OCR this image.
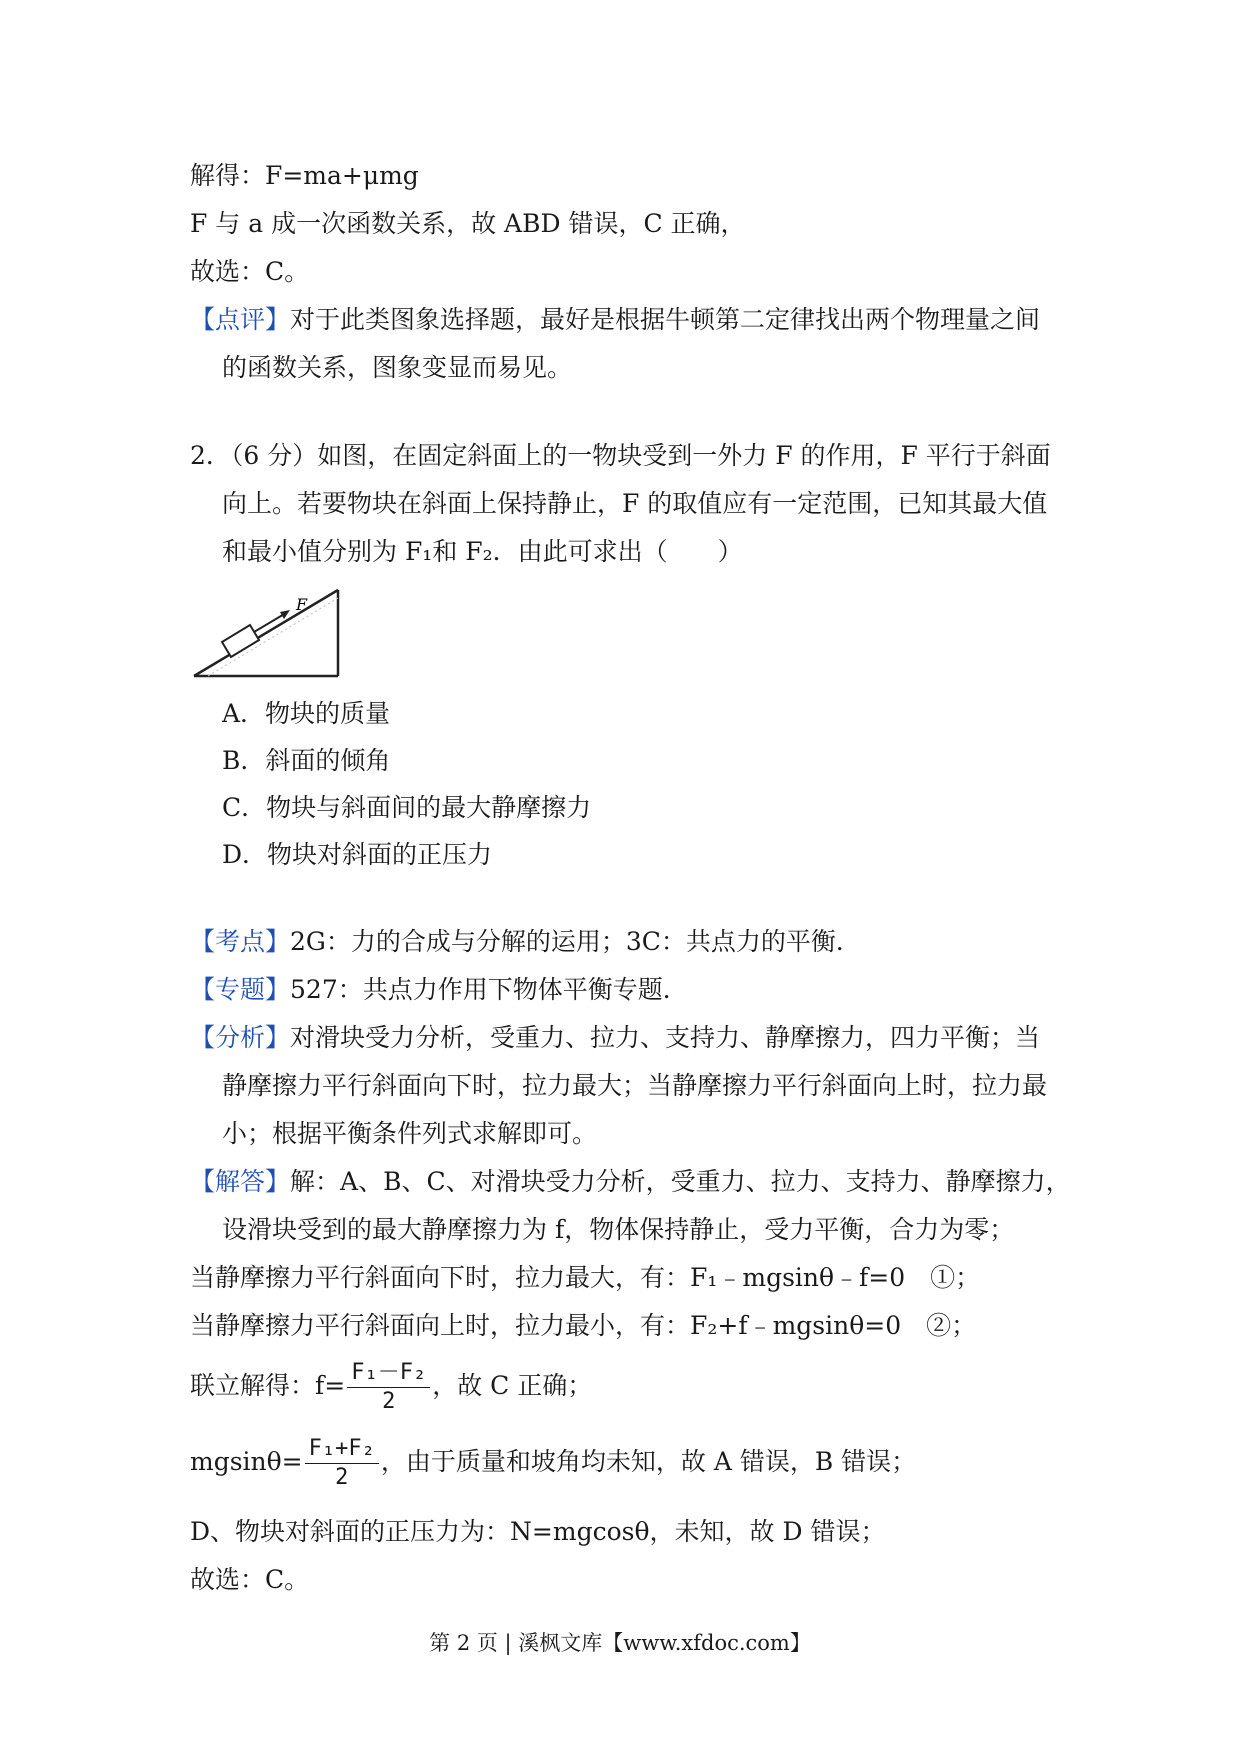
解得：F=ma+μmg
F 与 a 成一次函数关系，故 ABD 错误，C 正确，
故选：C。
【点评】对于此类图象选择题，最好是根据牛顿第二定律找出两个物理量之间
的函数关系，图象变显而易见。
2．（6 分）如图，在固定斜面上的一物块受到一外力 F 的作用，F 平行于斜面
向上。若要物块在斜面上保持静止，F 的取值应有一定范围，已知其最大值
和最小值分别为 F₁和 F₂．由此可求出（　　）
F
A．物块的质量
B．斜面的倾角
C．物块与斜面间的最大静摩擦力
D．物块对斜面的正压力
【考点】2G：力的合成与分解的运用；3C：共点力的平衡．
【专题】527：共点力作用下物体平衡专题．
【分析】对滑块受力分析，受重力、拉力、支持力、静摩擦力，四力平衡；当
静摩擦力平行斜面向下时，拉力最大；当静摩擦力平行斜面向上时，拉力最
小；根据平衡条件列式求解即可。
【解答】解：A、B、C、对滑块受力分析，受重力、拉力、支持力、静摩擦力，
设滑块受到的最大静摩擦力为 f，物体保持静止，受力平衡，合力为零；
当静摩擦力平行斜面向下时，拉力最大，有：F₁﹣mgsinθ﹣f=0　①；
当静摩擦力平行斜面向上时，拉力最小，有：F₂+f﹣mgsinθ=0　②；
联立解得：$f= \frac{\text{F₁－F₂}}{2}$ ，故 C 正确；
$mgsin\theta= \frac{\text{F₁+F₂}}{2}$ ，由于质量和坡角均未知，故 A 错误，B 错误；
D、物块对斜面的正压力为：N=mgcosθ，未知，故 D 错误；
故选：C。
第 2 页 | 溪枫文库【www.xfdoc.com】
